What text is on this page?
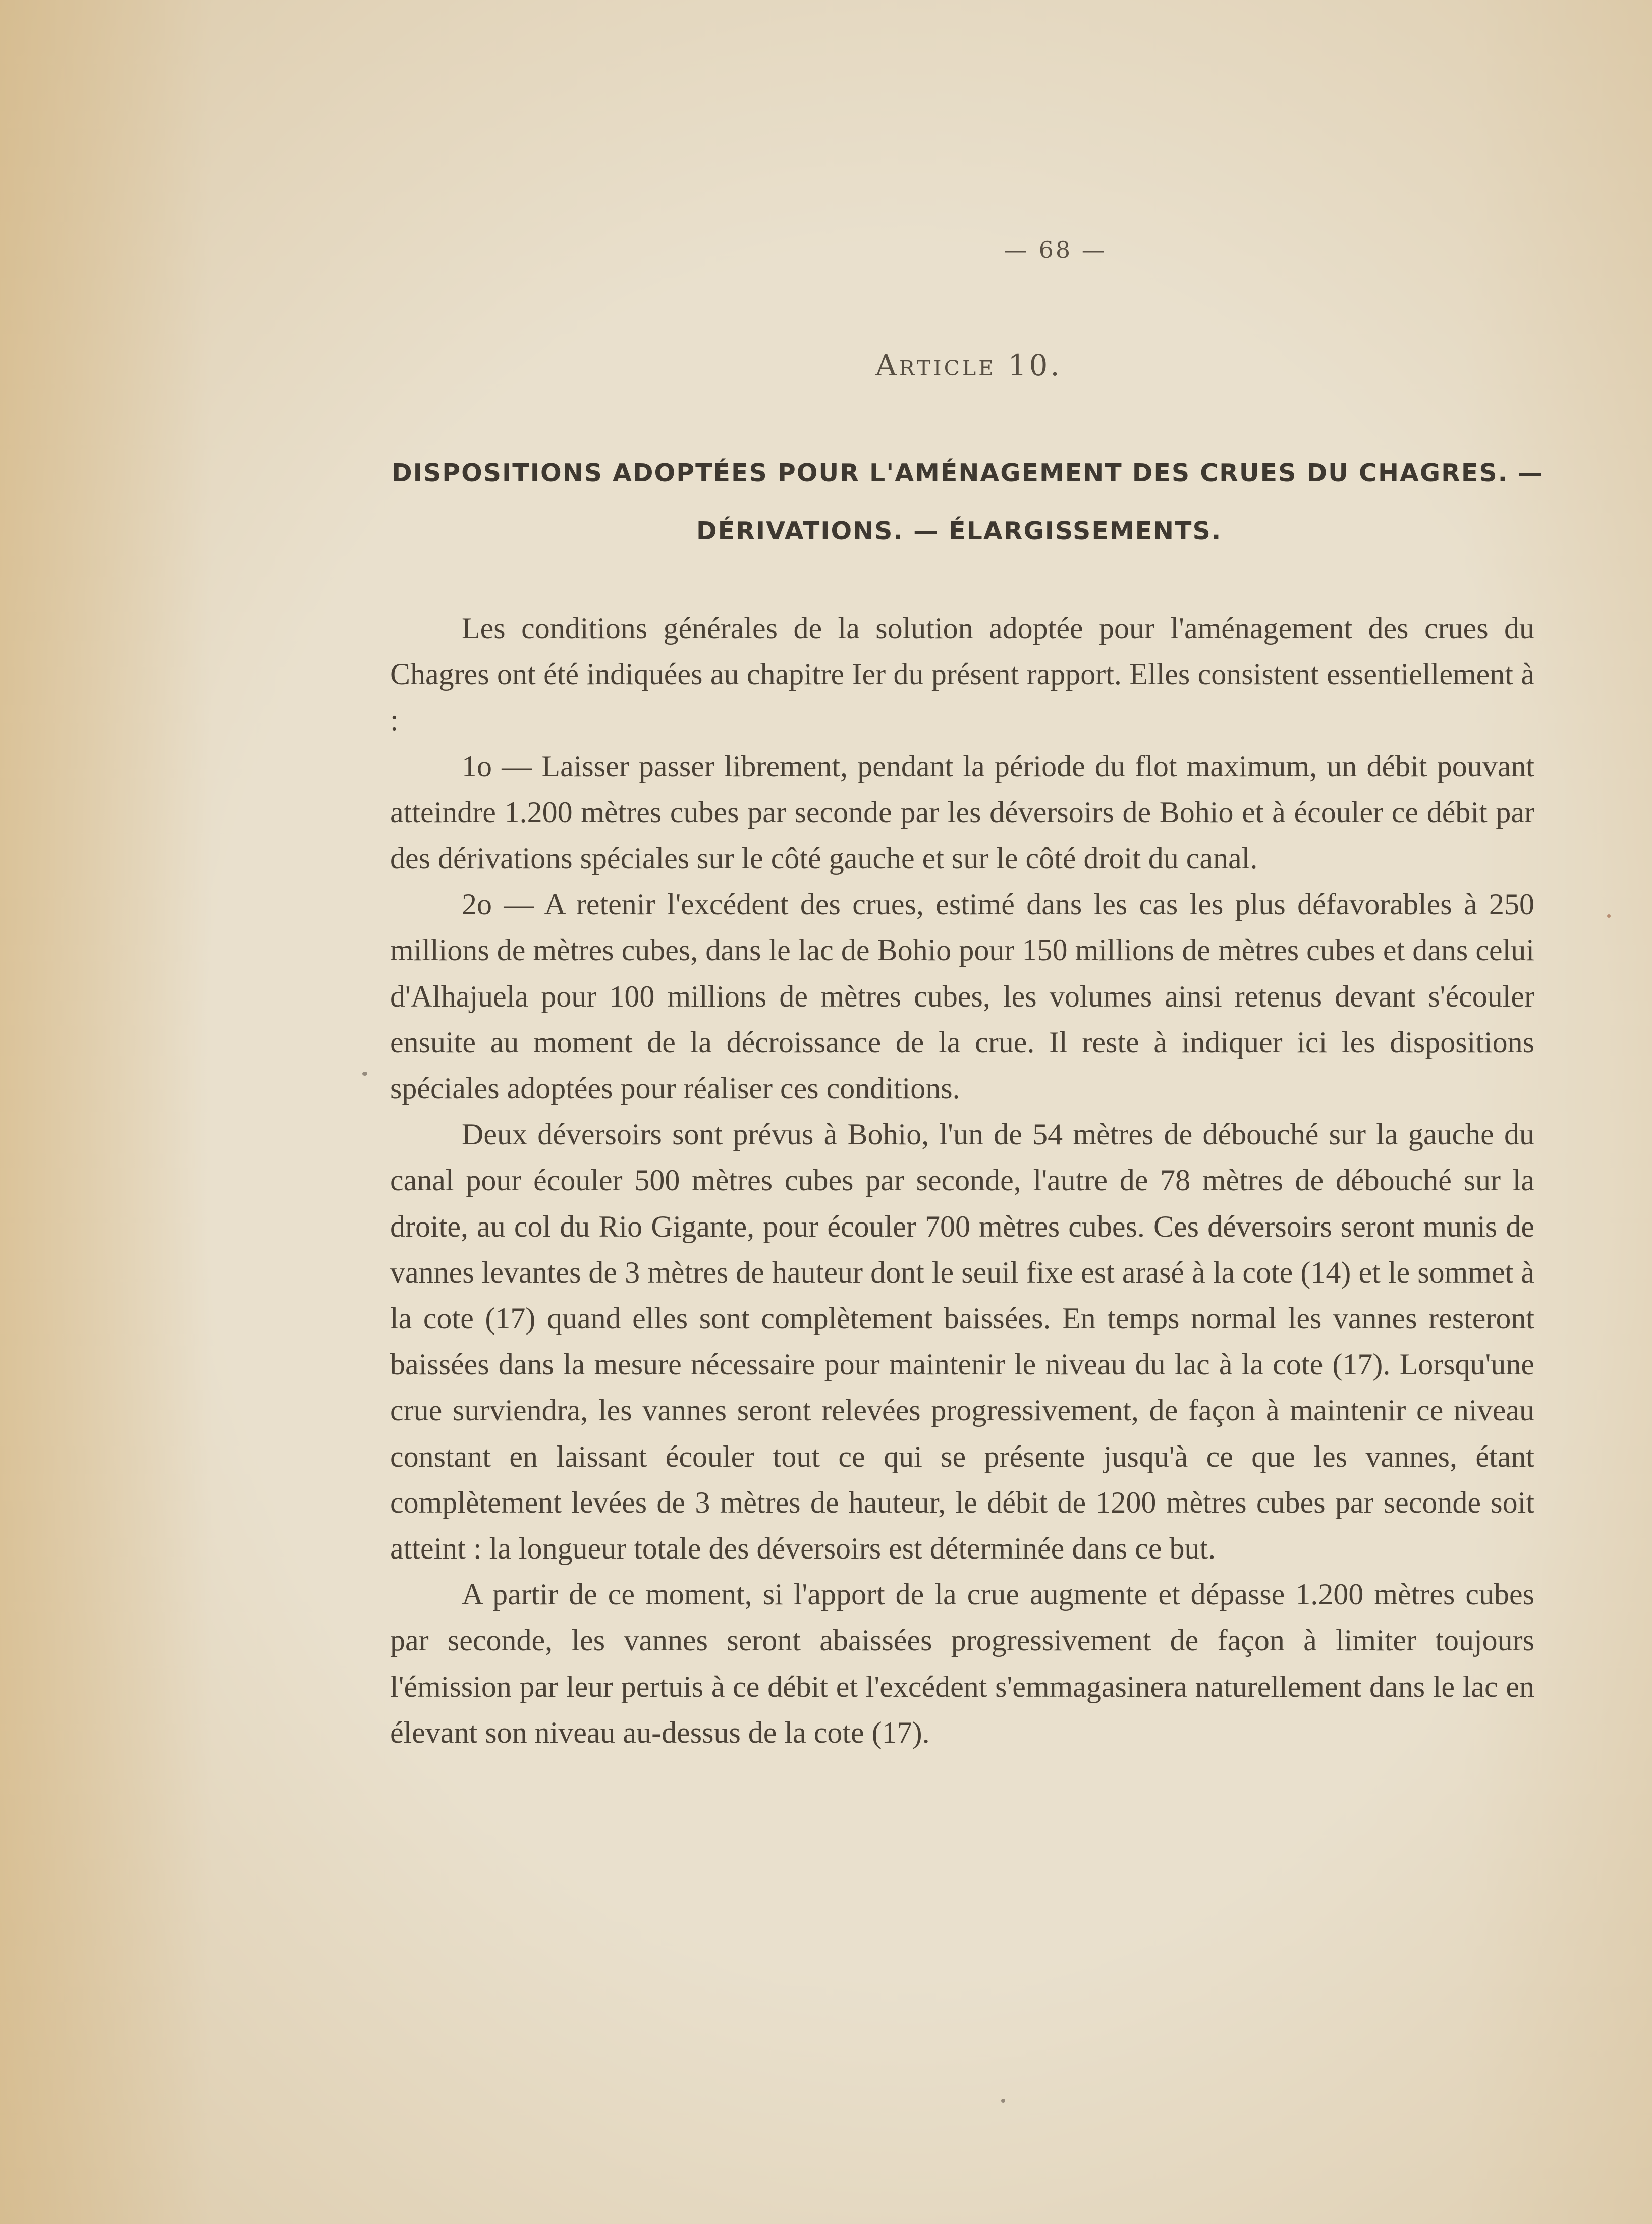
— 68 —
Article 10.
DISPOSITIONS ADOPTÉES POUR L'AMÉNAGEMENT DES CRUES DU CHAGRES. —
DÉRIVATIONS. — ÉLARGISSEMENTS.

Les conditions générales de la solution adoptée pour l'aménagement des crues du Chagres ont été indiquées au chapitre Ier du présent rapport. Elles consistent essentiellement à :

1o — Laisser passer librement, pendant la période du flot maximum, un débit pouvant atteindre 1.200 mètres cubes par seconde par les déversoirs de Bohio et à écouler ce débit par des dérivations spéciales sur le côté gauche et sur le côté droit du canal.

2o — A retenir l'excédent des crues, estimé dans les cas les plus défavorables à 250 millions de mètres cubes, dans le lac de Bohio pour 150 millions de mètres cubes et dans celui d'Alhajuela pour 100 millions de mètres cubes, les volumes ainsi retenus devant s'écouler ensuite au moment de la décroissance de la crue. Il reste à indiquer ici les dispositions spéciales adoptées pour réaliser ces conditions.

Deux déversoirs sont prévus à Bohio, l'un de 54 mètres de débouché sur la gauche du canal pour écouler 500 mètres cubes par seconde, l'autre de 78 mètres de débouché sur la droite, au col du Rio Gigante, pour écouler 700 mètres cubes. Ces déversoirs seront munis de vannes levantes de 3 mètres de hauteur dont le seuil fixe est arasé à la cote (14) et le sommet à la cote (17) quand elles sont complètement baissées. En temps normal les vannes resteront baissées dans la mesure nécessaire pour maintenir le niveau du lac à la cote (17). Lorsqu'une crue surviendra, les vannes seront relevées progressivement, de façon à maintenir ce niveau constant en laissant écouler tout ce qui se présente jusqu'à ce que les vannes, étant complètement levées de 3 mètres de hauteur, le débit de 1200 mètres cubes par seconde soit atteint : la longueur totale des déversoirs est déterminée dans ce but.

A partir de ce moment, si l'apport de la crue augmente et dépasse 1.200 mètres cubes par seconde, les vannes seront abaissées progressivement de façon à limiter toujours l'émission par leur pertuis à ce débit et l'excédent s'emmagasinera naturellement dans le lac en élevant son niveau au-dessus de la cote (17).
